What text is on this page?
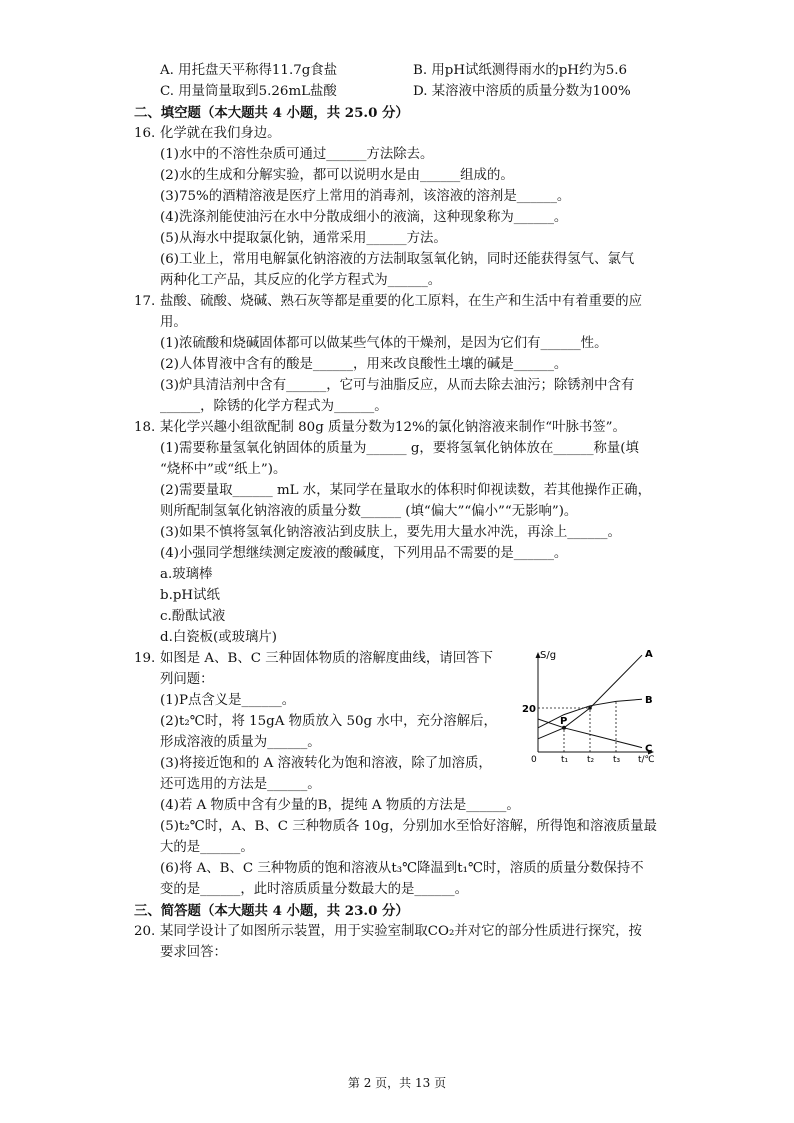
A. 用托盘天平称得11.7g食盐	B. 用pH试纸测得雨水的pH约为5.6
C. 用量筒量取到5.26mL盐酸	D. 某溶液中溶质的质量分数为100%
二、填空题（本大题共 4 小题，共 25.0 分）
16. 化学就在我们身边。
(1)水中的不溶性杂质可通过______方法除去。
(2)水的生成和分解实验，都可以说明水是由______组成的。
(3)75%的酒精溶液是医疗上常用的消毒剂，该溶液的溶剂是______。
(4)洗涤剂能使油污在水中分散成细小的液滴，这种现象称为______。
(5)从海水中提取氯化钠，通常采用______方法。
(6)工业上，常用电解氯化钠溶液的方法制取氢氧化钠，同时还能获得氢气、氯气
两种化工产品，其反应的化学方程式为______。
17. 盐酸、硫酸、烧碱、熟石灰等都是重要的化工原料，在生产和生活中有着重要的应
用。
(1)浓硫酸和烧碱固体都可以做某些气体的干燥剂，是因为它们有______性。
(2)人体胃液中含有的酸是______，用来改良酸性土壤的碱是______。
(3)炉具清洁剂中含有______，它可与油脂反应，从而去除去油污；除锈剂中含有
______，除锈的化学方程式为______。
18. 某化学兴趣小组欲配制 80g 质量分数为12%的氯化钠溶液来制作“叶脉书签”。
(1)需要称量氢氧化钠固体的质量为______ g，要将氢氧化钠体放在______称量(填
“烧杯中”或“纸上”)。
(2)需要量取______ mL 水，某同学在量取水的体积时仰视读数，若其他操作正确，
则所配制氢氧化钠溶液的质量分数______ (填“偏大”“偏小”“无影响”)。
(3)如果不慎将氢氧化钠溶液沾到皮肤上，要先用大量水冲洗，再涂上______。
(4)小强同学想继续测定废液的酸碱度，下列用品不需要的是______。
a.玻璃棒
b.pH试纸
c.酚酞试液
d.白瓷板(或玻璃片)
19. 如图是 A、B、C 三种固体物质的溶解度曲线，请回答下
列问题：
(1)P点含义是______。
(2)t₂℃时，将 15gA 物质放入 50g 水中，充分溶解后，
形成溶液的质量为______。
(3)将接近饱和的 A 溶液转化为饱和溶液，除了加溶质，
还可选用的方法是______。
(4)若 A 物质中含有少量的B，提纯 A 物质的方法是______。
(5)t₂℃时，A、B、C 三种物质各 10g，分别加水至恰好溶解，所得饱和溶液质量最
大的是______。
(6)将 A、B、C 三种物质的饱和溶液从t₃℃降温到t₁℃时，溶质的质量分数保持不
变的是______，此时溶质质量分数最大的是______。
S/g
t/℃
0
20
t₁ t₂ t₃
A
B
C
P
三、简答题（本大题共 4 小题，共 23.0 分）
20. 某同学设计了如图所示装置，用于实验室制取CO₂并对它的部分性质进行探究，按
要求回答：
第 2 页，共 13 页
